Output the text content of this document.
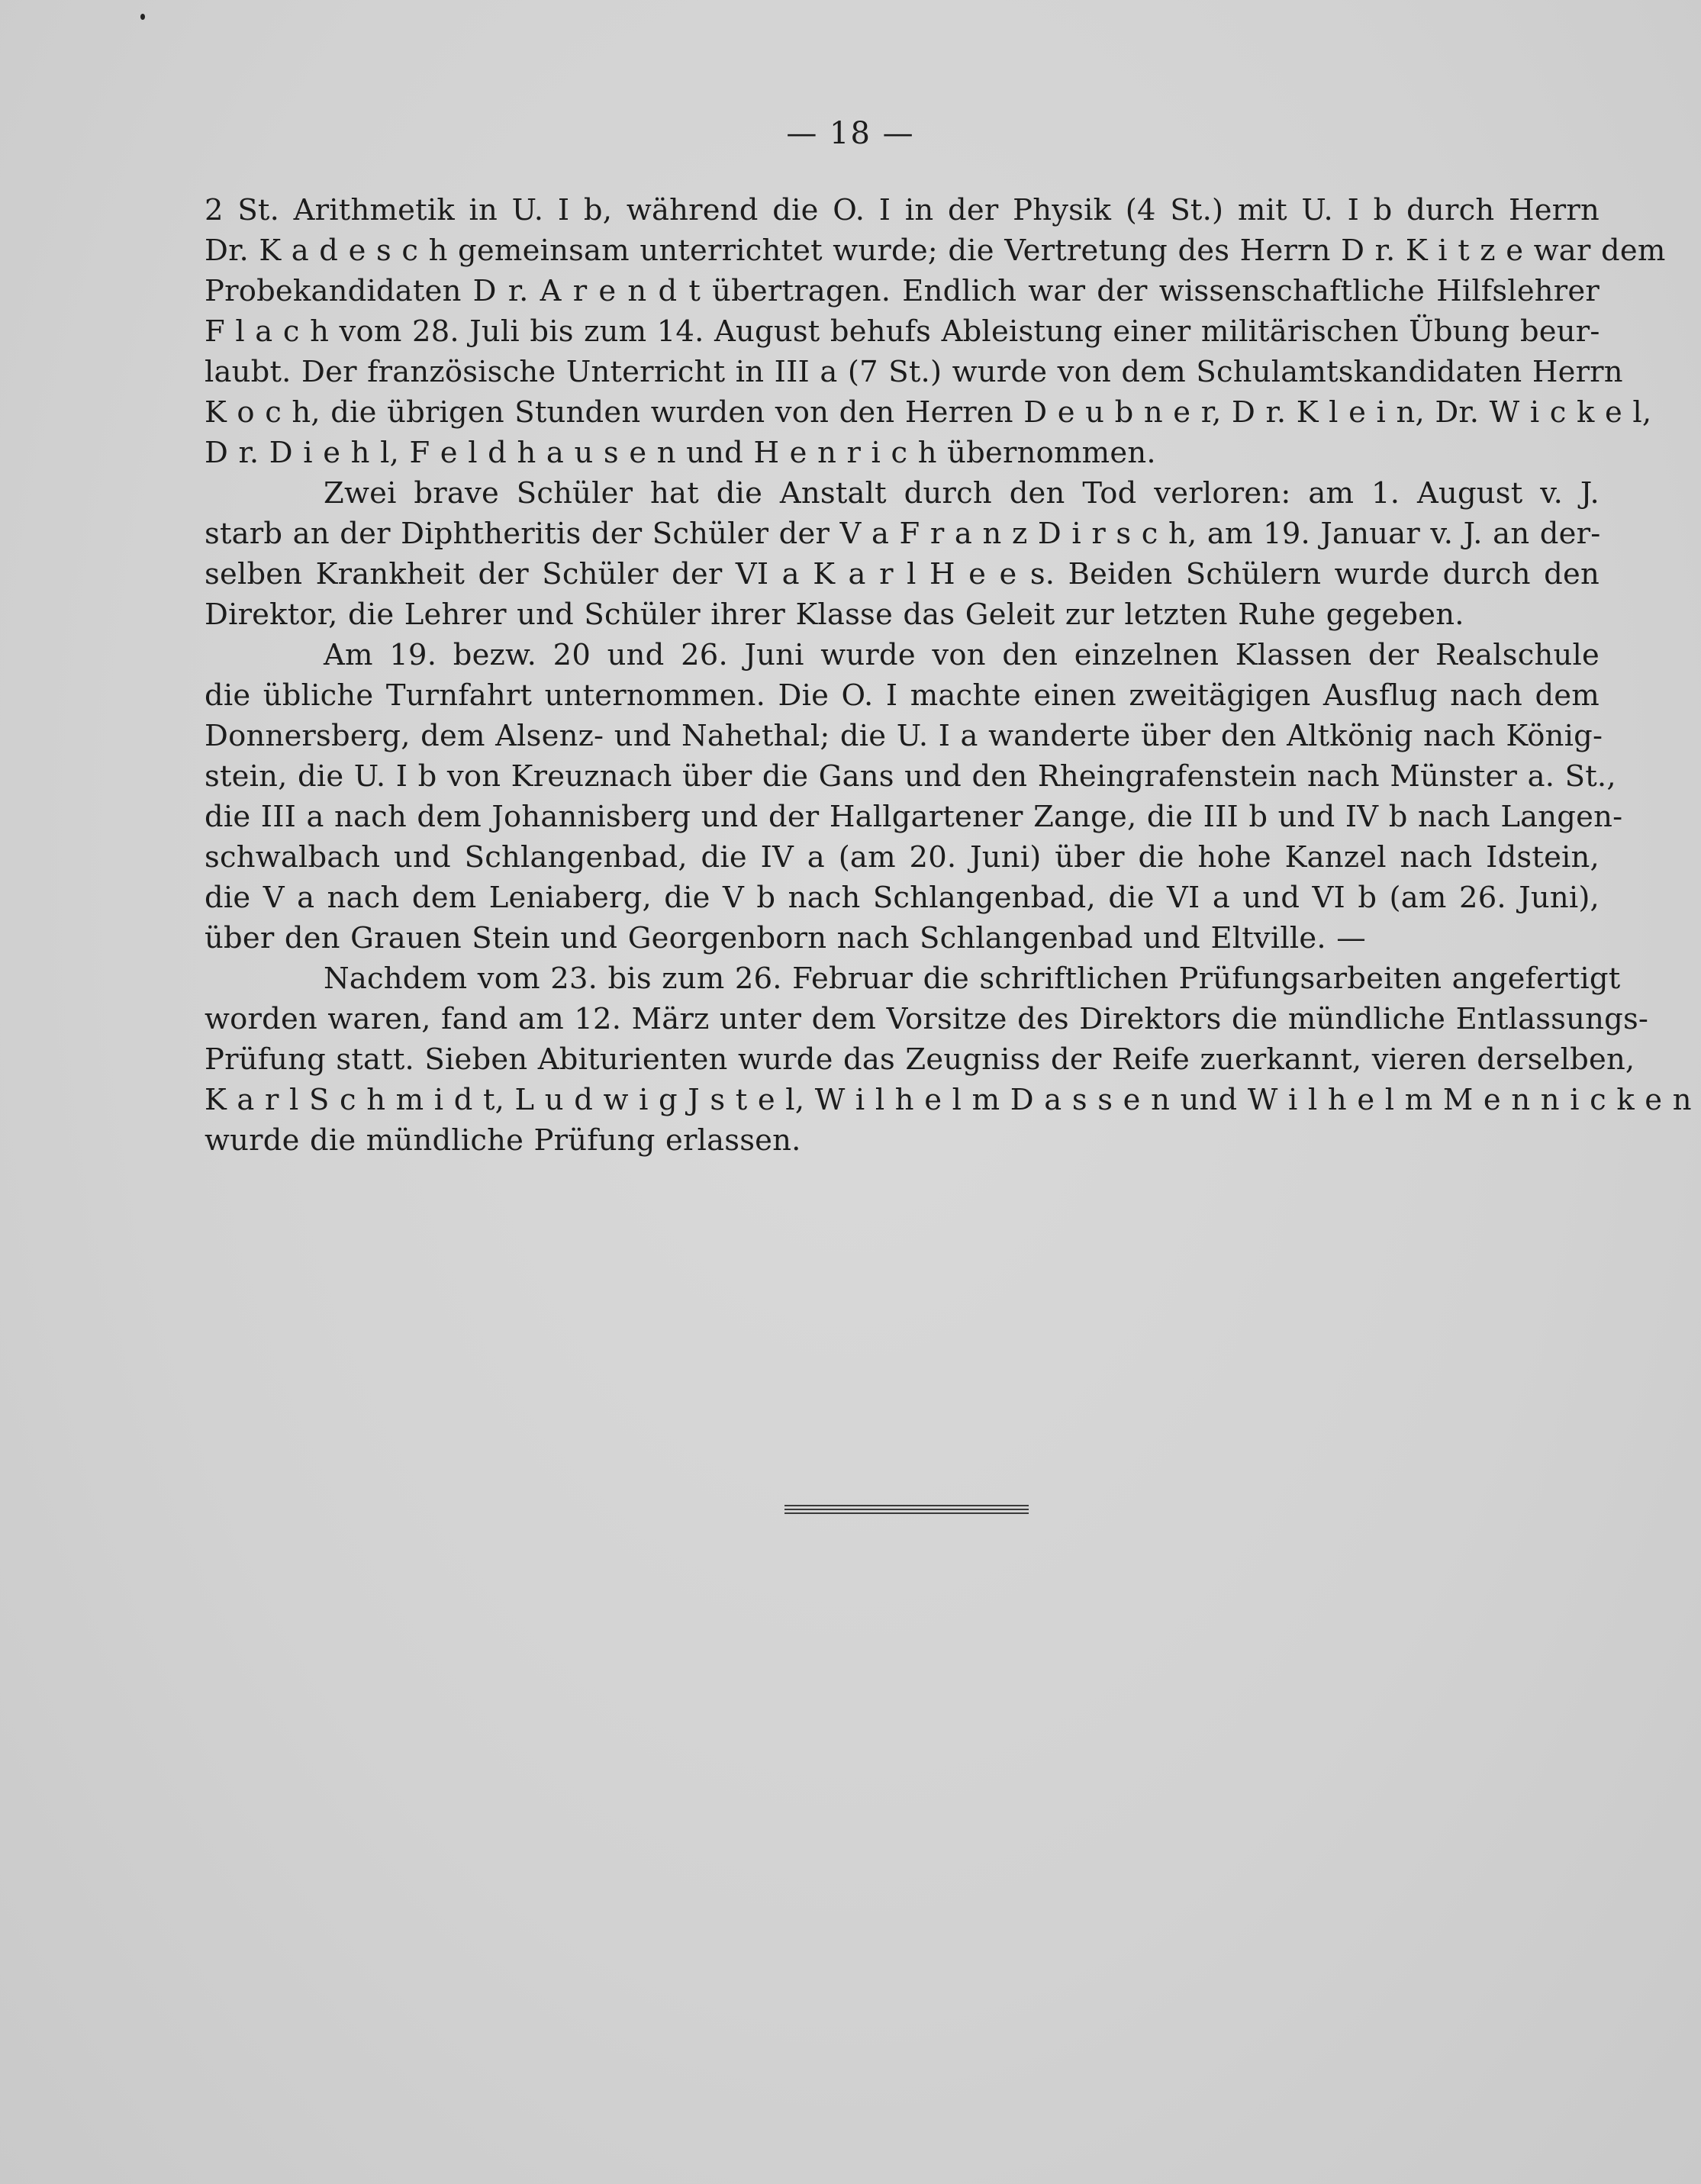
— 18 —
2 St. Arithmetik in U. I b, während die O. I in der Physik (4 St.) mit U. I b durch Herrn
Dr. K a d e s c h gemeinsam unterrichtet wurde; die Vertretung des Herrn D r. K i t z e war dem
Probekandidaten D r. A r e n d t übertragen. Endlich war der wissenschaftliche Hilfslehrer
F l a c h vom 28. Juli bis zum 14. August behufs Ableistung einer militärischen Übung beur-
laubt. Der französische Unterricht in III a (7 St.) wurde von dem Schulamtskandidaten Herrn
K o c h, die übrigen Stunden wurden von den Herren D e u b n e r, D r. K l e i n, Dr. W i c k e l,
D r. D i e h l, F e l d h a u s e n und H e n r i c h übernommen.
Zwei brave Schüler hat die Anstalt durch den Tod verloren: am 1. August v. J.
starb an der Diphtheritis der Schüler der V a F r a n z D i r s c h, am 19. Januar v. J. an der-
selben Krankheit der Schüler der VI a K a r l H e e s. Beiden Schülern wurde durch den
Direktor, die Lehrer und Schüler ihrer Klasse das Geleit zur letzten Ruhe gegeben.
Am 19. bezw. 20 und 26. Juni wurde von den einzelnen Klassen der Realschule
die übliche Turnfahrt unternommen. Die O. I machte einen zweitägigen Ausflug nach dem
Donnersberg, dem Alsenz- und Nahethal; die U. I a wanderte über den Altkönig nach König-
stein, die U. I b von Kreuznach über die Gans und den Rheingrafenstein nach Münster a. St.,
die III a nach dem Johannisberg und der Hallgartener Zange, die III b und IV b nach Langen-
schwalbach und Schlangenbad, die IV a (am 20. Juni) über die hohe Kanzel nach Idstein,
die V a nach dem Leniaberg, die V b nach Schlangenbad, die VI a und VI b (am 26. Juni),
über den Grauen Stein und Georgenborn nach Schlangenbad und Eltville. —
Nachdem vom 23. bis zum 26. Februar die schriftlichen Prüfungsarbeiten angefertigt
worden waren, fand am 12. März unter dem Vorsitze des Direktors die mündliche Entlassungs-
Prüfung statt. Sieben Abiturienten wurde das Zeugniss der Reife zuerkannt, vieren derselben,
K a r l S c h m i d t, L u d w i g J s t e l, W i l h e l m D a s s e n und W i l h e l m M e n n i c k e n
wurde die mündliche Prüfung erlassen.
